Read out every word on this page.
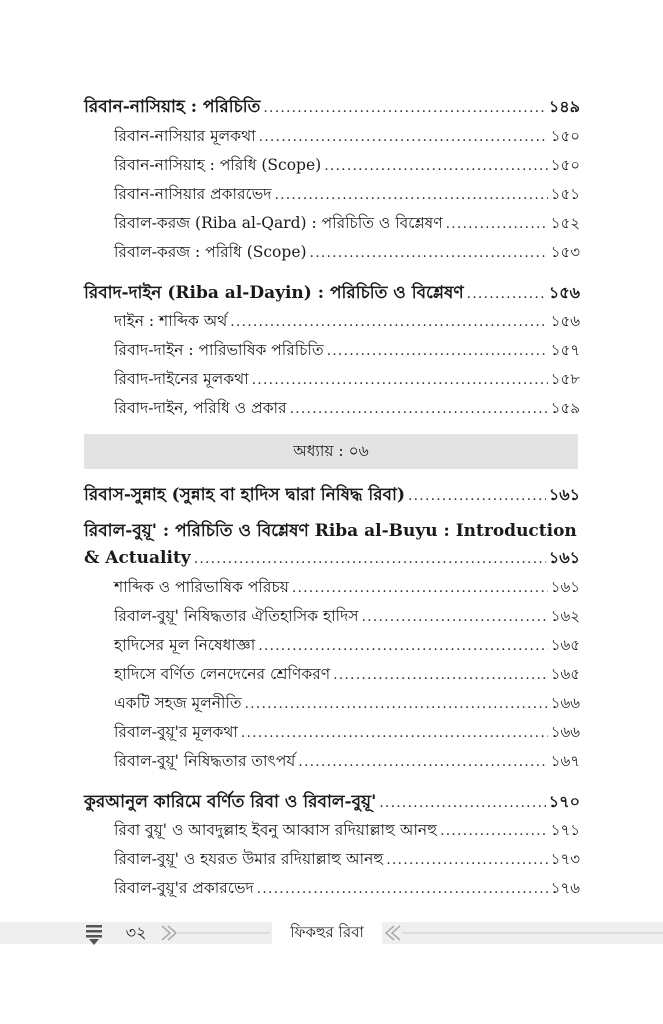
রিবান-নাসিয়াহ : পরিচিতি .....	১৪৯
রিবান-নাসিয়ার মূলকথা .....	১৫০
রিবান-নাসিয়াহ : পরিধি (Scope) .....	১৫০
রিবান-নাসিয়ার প্রকারভেদ .....	১৫১
রিবাল-করজ (Riba al-Qard) : পরিচিতি ও বিশ্লেষণ .....	১৫২
রিবাল-করজ : পরিধি (Scope) .....	১৫৩
রিবাদ-দাইন (Riba al-Dayin) : পরিচিতি ও বিশ্লেষণ .....	১৫৬
দাইন : শাব্দিক অর্থ .....	১৫৬
রিবাদ-দাইন : পারিভাষিক পরিচিতি .....	১৫৭
রিবাদ-দাইনের মূলকথা .....	১৫৮
রিবাদ-দাইন, পরিধি ও প্রকার .....	১৫৯
রিবাস-সুন্নাহ (সুন্নাহ বা হাদিস দ্বারা নিষিদ্ধ রিবা) .....	১৬১
রিবাল-বুয়ূ' : পরিচিতি ও বিশ্লেষণ Riba al-Buyu : Introduction
& Actuality .....	১৬১
শাব্দিক ও পারিভাষিক পরিচয় .....	১৬১
রিবাল-বুয়ূ' নিষিদ্ধতার ঐতিহাসিক হাদিস .....	১৬২
হাদিসের মূল নিষেধাজ্ঞা .....	১৬৫
হাদিসে বর্ণিত লেনদেনের শ্রেণিকরণ .....	১৬৫
একটি সহজ মূলনীতি .....	১৬৬
রিবাল-বুয়ূ'র মূলকথা .....	১৬৬
রিবাল-বুয়ূ' নিষিদ্ধতার তাৎপর্য .....	১৬৭
কুরআনুল কারিমে বর্ণিত রিবা ও রিবাল-বুয়ূ' .....	১৭০
রিবা বুয়ূ' ও আবদুল্লাহ ইবনু আব্বাস রদিয়াল্লাহু আনহু .....	১৭১
রিবাল-বুয়ূ' ও হযরত উমার রদিয়াল্লাহু আনহু .....	১৭৩
রিবাল-বুয়ূ'র প্রকারভেদ .....	১৭৬
অধ্যায় : ০৬
৩২	ফিকহুর রিবা
